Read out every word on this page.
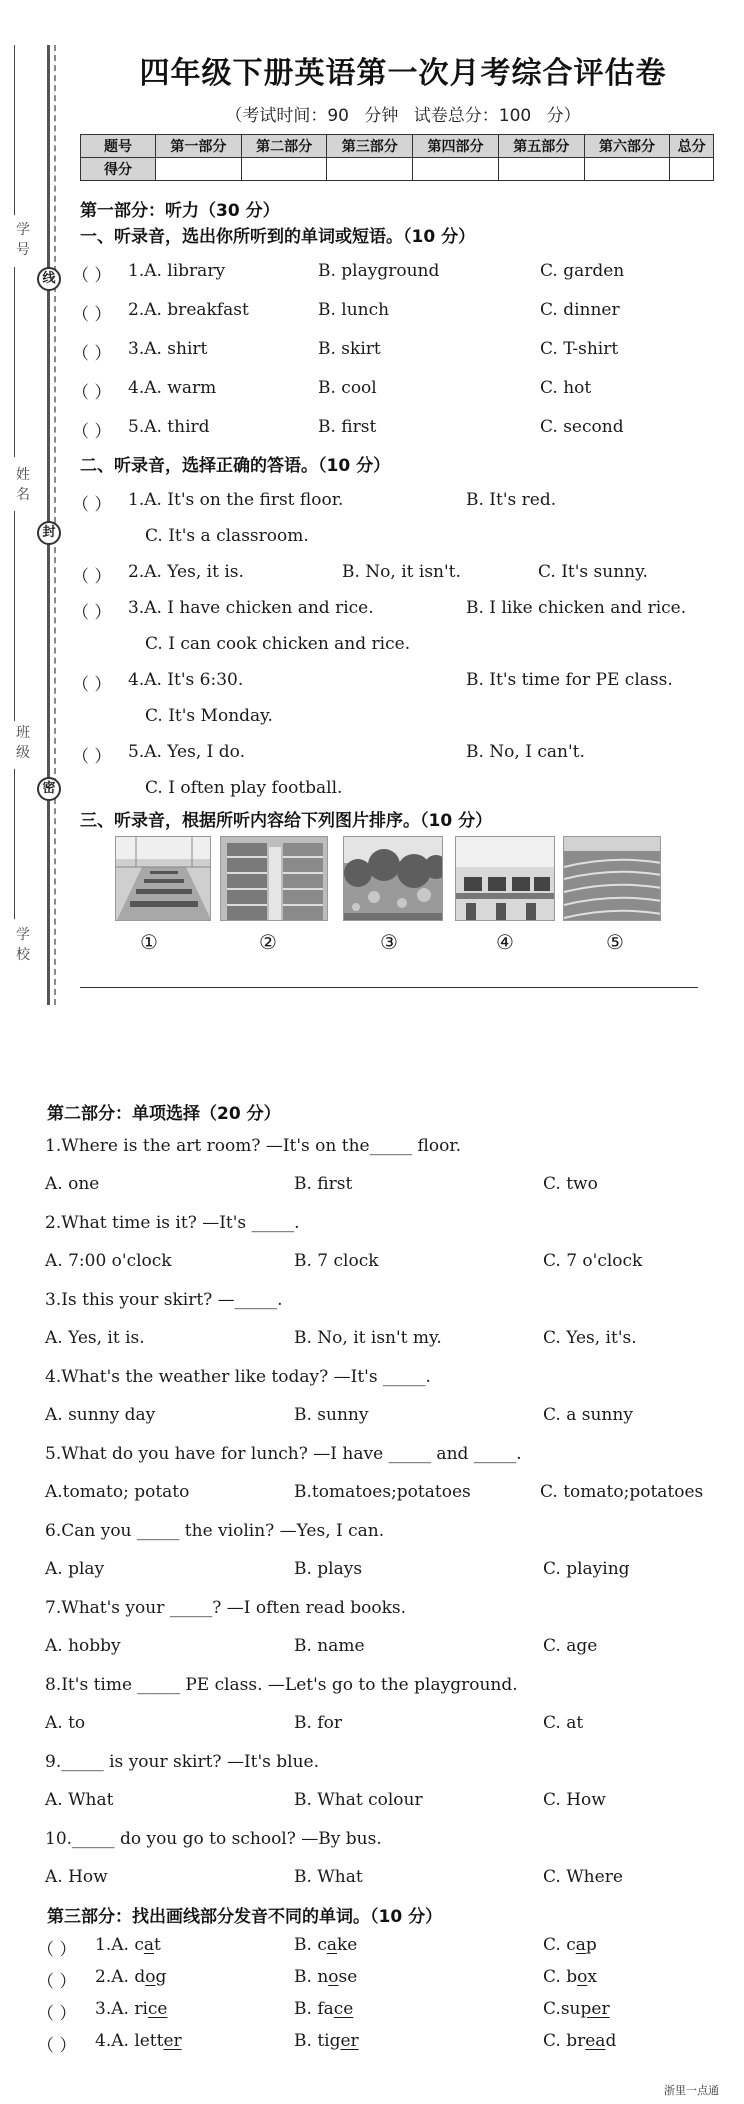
学号
姓名
班级
学校
线
封
密
四年级下册英语第一次月考综合评估卷
（考试时间：90 分钟 试卷总分：100 分）
题号	第一部分	第二部分	第三部分	第四部分	第五部分	第六部分	总分
得分							
第一部分：听力（30 分）
一、听录音，选出你所听到的单词或短语。（10 分）
（ ） 1.A. library	B. playground	C. garden
（ ） 2.A. breakfast	B. lunch	C. dinner
（ ） 3.A. shirt	B. skirt	C. T-shirt
（ ） 4.A. warm	B. cool	C. hot
（ ） 5.A. third	B. first	C. second
二、听录音，选择正确的答语。（10 分）
（ ） 1.A. It's on the first floor.	B. It's red.
C. It's a classroom.
（ ） 2.A. Yes, it is.	B. No, it isn't.	C. It's sunny.
（ ） 3.A. I have chicken and rice.	B. I like chicken and rice.
C. I can cook chicken and rice.
（ ） 4.A. It's 6:30.	B. It's time for PE class.
C. It's Monday.
（ ） 5.A. Yes, I do.	B. No, I can't.
C. I often play football.
三、听录音，根据所听内容给下列图片排序。（10 分）
①	②	③	④	⑤
第二部分：单项选择（20 分）
1.Where is the art room? —It's on the_____ floor.
A. one	B. first	C. two
2.What time is it? —It's _____.
A. 7:00 o'clock	B. 7 clock	C. 7 o'clock
3.Is this your skirt? —_____.
A. Yes, it is.	B. No, it isn't my.	C. Yes, it's.
4.What's the weather like today? —It's _____.
A. sunny day	B. sunny	C. a sunny
5.What do you have for lunch? —I have _____ and _____.
A.tomato; potato	B.tomatoes;potatoes	C. tomato;potatoes
6.Can you _____ the violin? —Yes, I can.
A. play	B. plays	C. playing
7.What's your _____? —I often read books.
A. hobby	B. name	C. age
8.It's time _____ PE class. —Let's go to the playground.
A. to	B. for	C. at
9._____ is your skirt? —It's blue.
A. What	B. What colour	C. How
10._____ do you go to school? —By bus.
A. How	B. What	C. Where
第三部分：找出画线部分发音不同的单词。（10 分）
（ ） 1.A. cat	B. cake	C. cap
（ ） 2.A. dog	B. nose	C. box
（ ） 3.A. rice	B. face	C.super
（ ） 4.A. letter	B. tiger	C. bread
浙里一点通
